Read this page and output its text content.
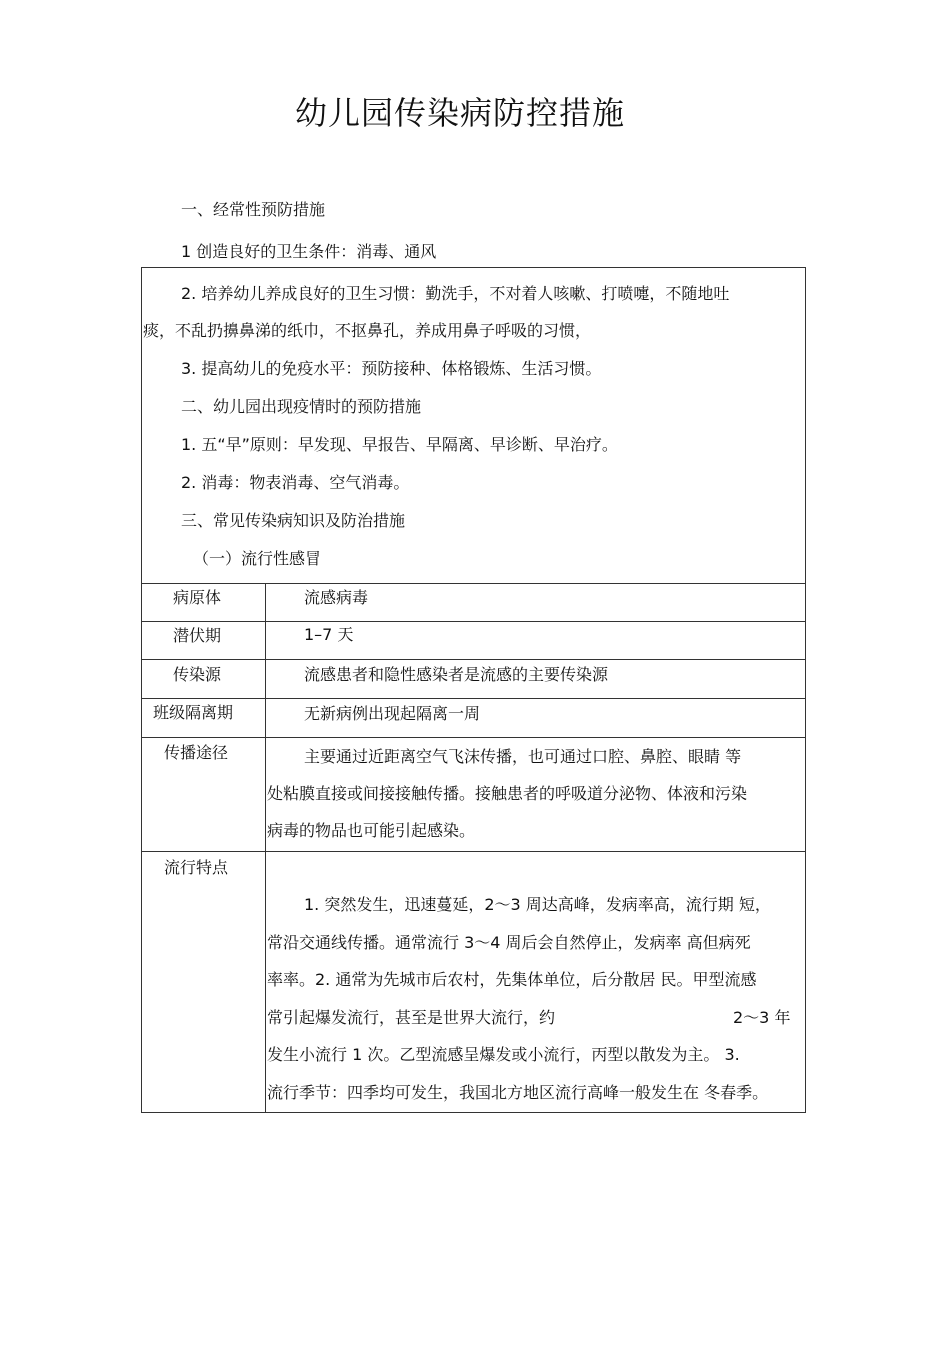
幼儿园传染病防控措施
一、经常性预防措施
1 创造良好的卫生条件：消毒、通风
2. 培养幼儿养成良好的卫生习惯：勤洗手，不对着人咳嗽、打喷嚏，不随地吐
痰，不乱扔擤鼻涕的纸巾，不抠鼻孔，养成用鼻子呼吸的习惯，
3. 提高幼儿的免疫水平：预防接种、体格锻炼、生活习惯。
二、幼儿园出现疫情时的预防措施
1. 五“早”原则：早发现、早报告、早隔离、早诊断、早治疗。
2. 消毒：物表消毒、空气消毒。
三、常见传染病知识及防治措施
（一）流行性感冒
病原体	流感病毒
潜伏期	1–7 天
传染源	流感患者和隐性感染者是流感的主要传染源
班级隔离期	无新病例出现起隔离一周
传播途径	主要通过近距离空气飞沫传播，也可通过口腔、鼻腔、眼睛 等
处粘膜直接或间接接触传播。接触患者的呼吸道分泌物、体液和污染
病毒的物品也可能引起感染。
流行特点
1. 突然发生，迅速蔓延，2～3 周达高峰，发病率高，流行期 短，
常沿交通线传播。通常流行 3～4 周后会自然停止，发病率 高但病死
率率。2. 通常为先城市后农村，先集体单位，后分散居 民。甲型流感
常引起爆发流行，甚至是世界大流行，约	2～3 年
发生小流行 1 次。乙型流感呈爆发或小流行，丙型以散发为主。 3.
流行季节：四季均可发生，我国北方地区流行高峰一般发生在 冬春季。
